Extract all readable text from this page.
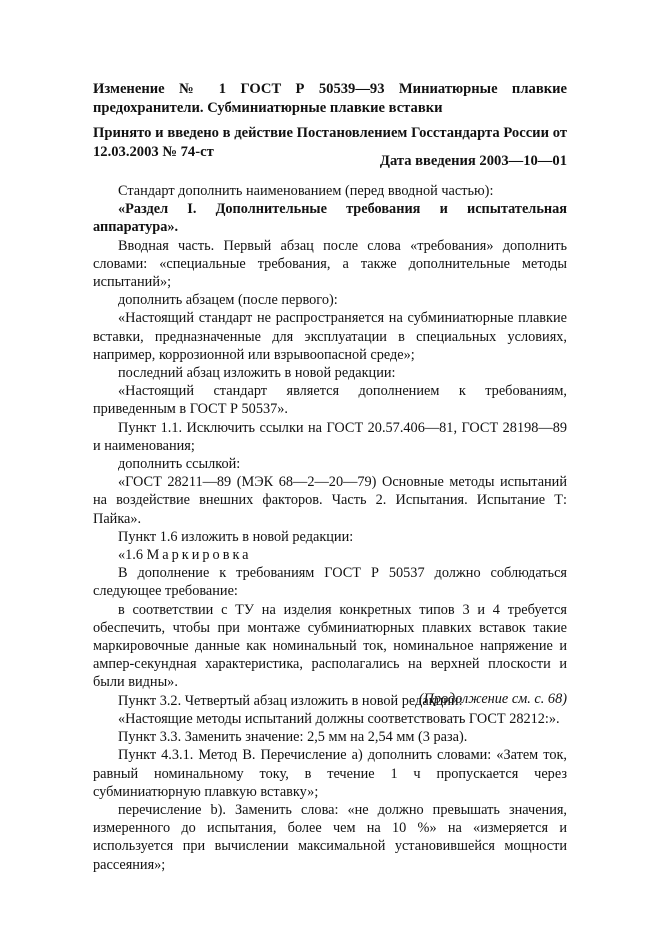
Изменение № 1 ГОСТ Р 50539—93 Миниатюрные плавкие предохранители. Субминиатюрные плавкие вставки
Принято и введено в действие Постановлением Госстандарта России от 12.03.2003 № 74-ст
Дата введения 2003—10—01

Стандарт дополнить наименованием (перед вводной частью):

«Раздел I. Дополнительные требования и испытательная аппаратура».

Вводная часть. Первый абзац после слова «требования» дополнить словами: «специальные требования, а также дополнительные методы испытаний»;

дополнить абзацем (после первого):

«Настоящий стандарт не распространяется на субминиатюрные плавкие вставки, предназначенные для эксплуатации в специальных условиях, например, коррозионной или взрывоопасной среде»;

последний абзац изложить в новой редакции:

«Настоящий стандарт является дополнением к требованиям, приведенным в ГОСТ Р 50537».

Пункт 1.1. Исключить ссылки на ГОСТ 20.57.406—81, ГОСТ 28198—89 и наименования;

дополнить ссылкой:

«ГОСТ 28211—89 (МЭК 68—2—20—79) Основные методы испытаний на воздействие внешних факторов. Часть 2. Испытания. Испытание Т: Пайка».

Пункт 1.6 изложить в новой редакции:

«1.6 Маркировка

В дополнение к требованиям ГОСТ Р 50537 должно соблюдаться следующее требование:

в соответствии с ТУ на изделия конкретных типов 3 и 4 требуется обеспечить, чтобы при монтаже субминиатюрных плавких вставок такие маркировочные данные как номинальный ток, номинальное напряжение и ампер-секундная характеристика, располагались на верхней плоскости и были видны».

Пункт 3.2. Четвертый абзац изложить в новой редакции:

«Настоящие методы испытаний должны соответствовать ГОСТ 28212:».

Пункт 3.3. Заменить значение: 2,5 мм на 2,54 мм (3 раза).

Пункт 4.3.1. Метод В. Перечисление а) дополнить словами: «Затем ток, равный номинальному току, в течение 1 ч пропускается через субминиатюрную плавкую вставку»;

перечисление b). Заменить слова: «не должно превышать значения, измеренного до испытания, более чем на 10 %» на «измеряется и используется при вычислении максимальной установившейся мощности рассеяния»;

(Продолжение см. с. 68)
